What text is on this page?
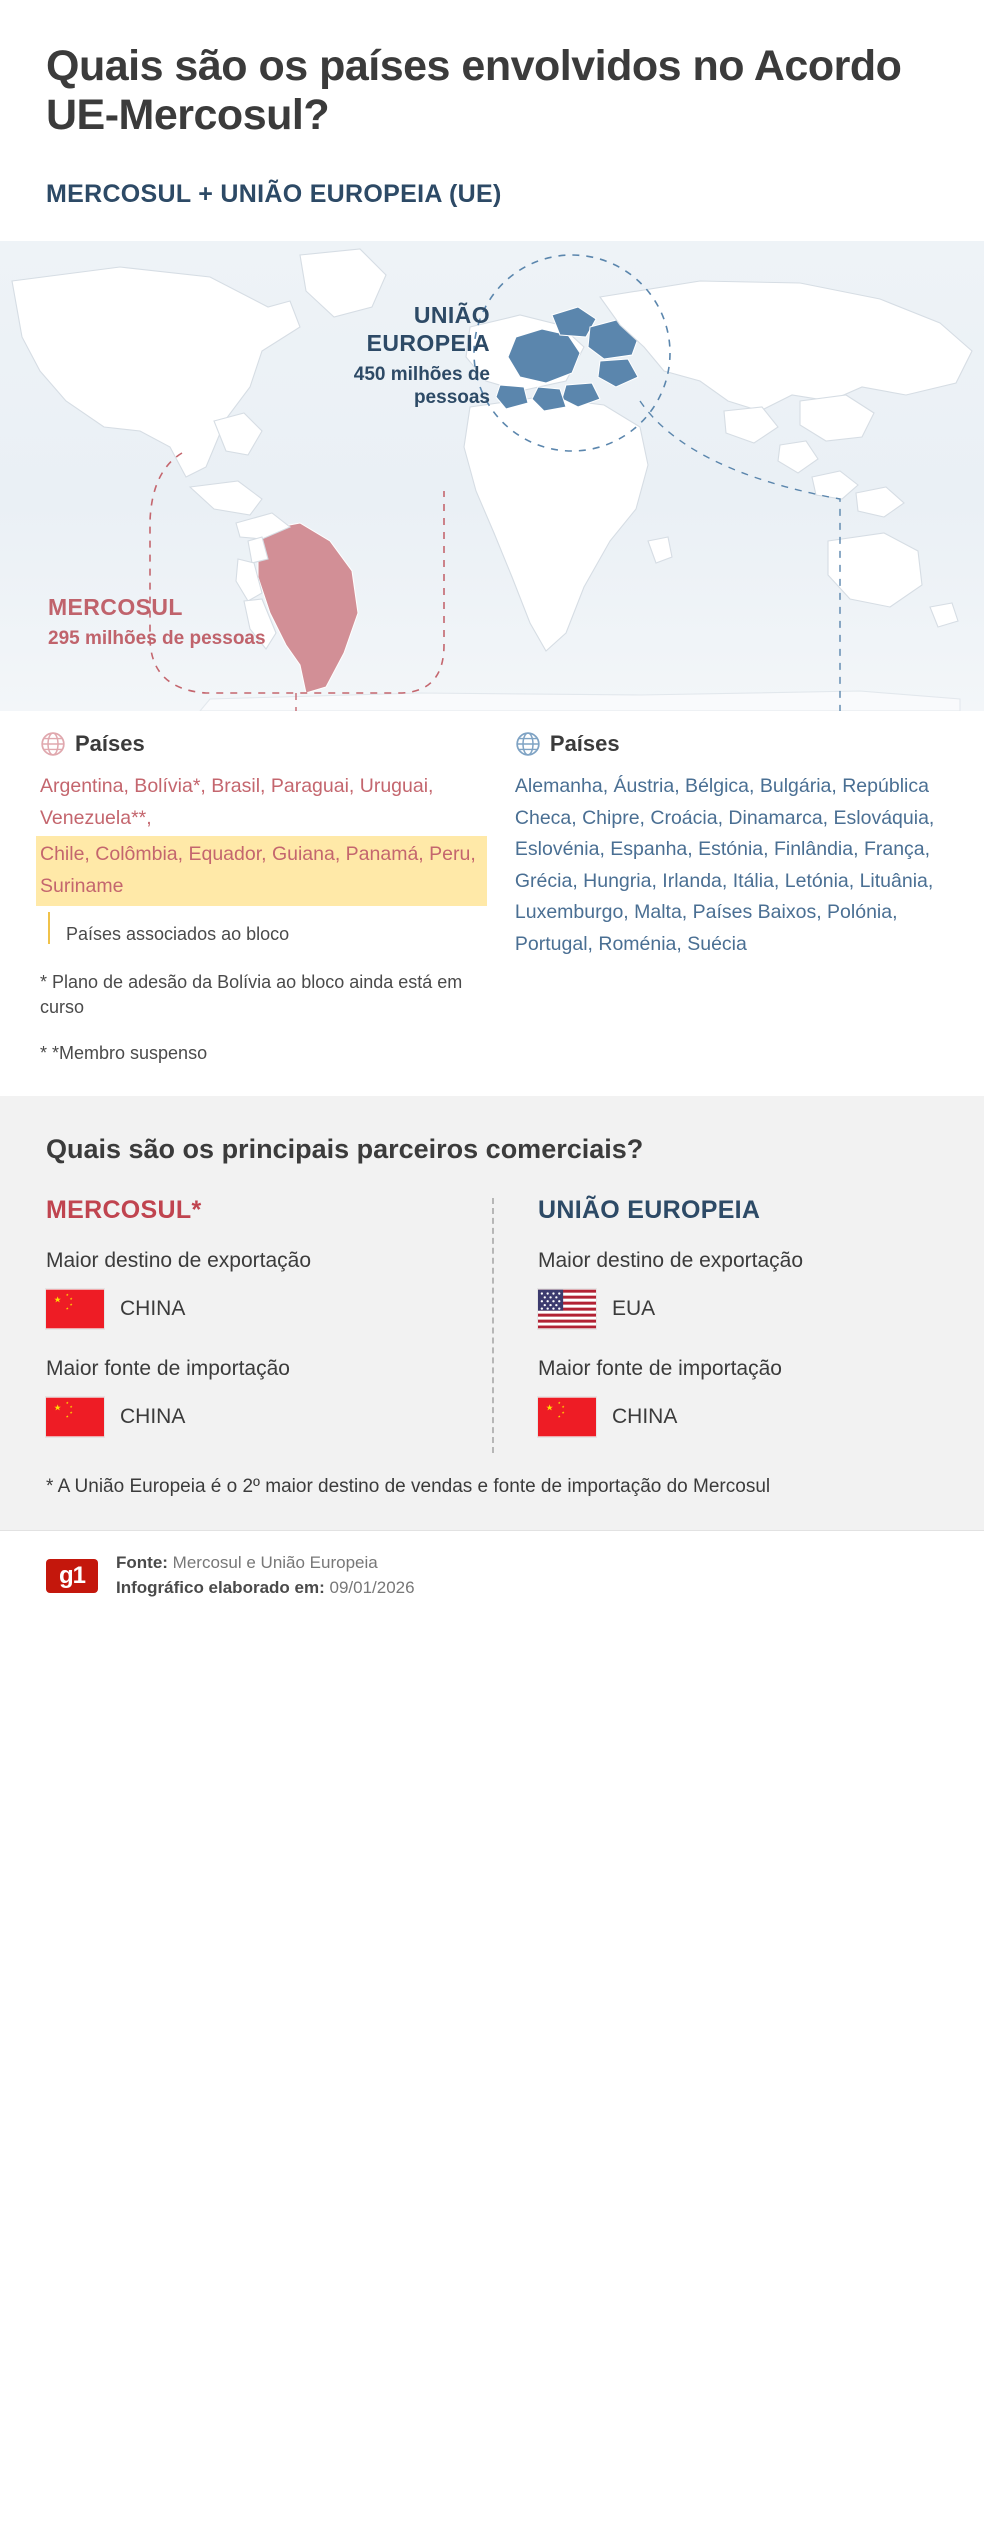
Quais são os países envolvidos no Acordo UE-Mercosul?
MERCOSUL + UNIÃO EUROPEIA (UE)
UNIÃO EUROPEIA
450 milhões de pessoas
MERCOSUL
295 milhões de pessoas
Países
Argentina, Bolívia*, Brasil, Paraguai, Uruguai, Venezuela**,
Chile, Colômbia, Equador, Guiana, Panamá, Peru, Suriname
Países associados ao bloco
* Plano de adesão da Bolívia ao bloco ainda está em curso
* *Membro suspenso
Países
Alemanha, Áustria, Bélgica, Bulgária, República Checa, Chipre, Croácia, Dinamarca, Eslováquia, Eslovénia, Espanha, Estónia, Finlândia, França, Grécia, Hungria, Irlanda, Itália, Letónia, Lituânia, Luxemburgo, Malta, Países Baixos, Polónia, Portugal, Roménia, Suécia
Quais são os principais parceiros comerciais?
MERCOSUL*
Maior destino de exportação
CHINA
Maior fonte de importação
CHINA
UNIÃO EUROPEIA
Maior destino de exportação
EUA
Maior fonte de importação
CHINA
* A União Europeia é o 2º maior destino de vendas e fonte de importação do Mercosul
g1	Fonte: Mercosul e União Europeia
Infográfico elaborado em: 09/01/2026
